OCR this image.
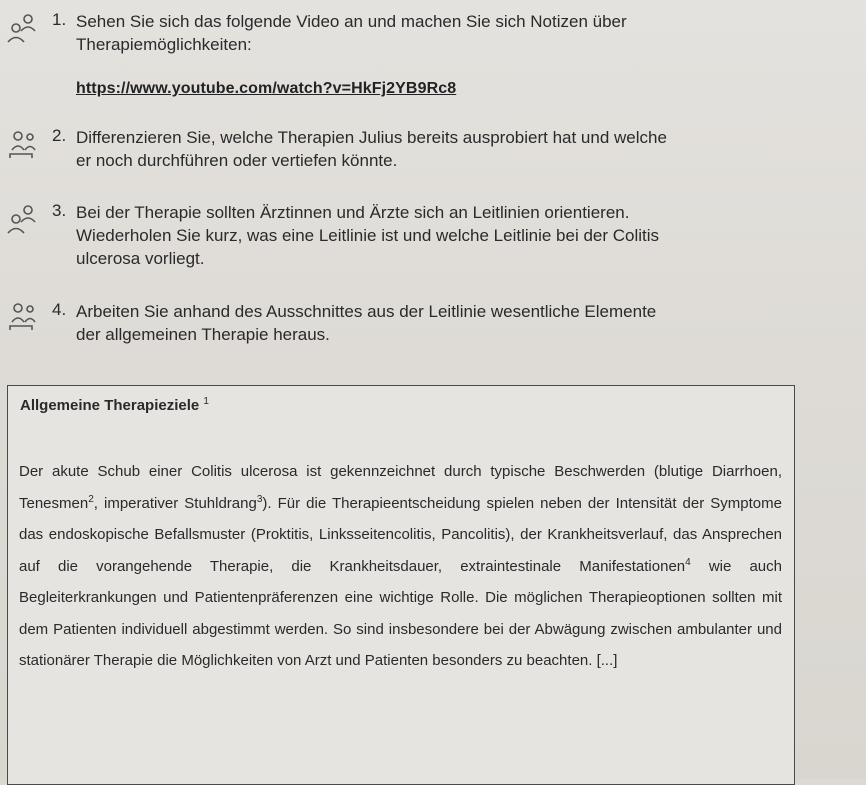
1. Sehen Sie sich das folgende Video an und machen Sie sich Notizen über
Therapiemöglichkeiten:
https://www.youtube.com/watch?v=HkFj2YB9Rc8
2. Differenzieren Sie, welche Therapien Julius bereits ausprobiert hat und welche
er noch durchführen oder vertiefen könnte.
3. Bei der Therapie sollten Ärztinnen und Ärzte sich an Leitlinien orientieren.
Wiederholen Sie kurz, was eine Leitlinie ist und welche Leitlinie bei der Colitis
ulcerosa vorliegt.
4. Arbeiten Sie anhand des Ausschnittes aus der Leitlinie wesentliche Elemente
der allgemeinen Therapie heraus.
Allgemeine Therapieziele $^1$
Der akute Schub einer Colitis ulcerosa ist gekennzeichnet durch typische Beschwerden (blutige Diarrhoen, Tenesmen$^2$, imperativer Stuhldrang$^3$). Für die Therapieentscheidung spielen neben der Intensität der Symptome das endoskopische Befallsmuster (Proktitis, Linksseitencolitis, Pancolitis), der Krankheitsverlauf, das Ansprechen auf die vorangehende Therapie, die Krankheitsdauer, extraintestinale Manifestationen$^4$ wie auch Begleiterkrankungen und Patientenpräferenzen eine wichtige Rolle. Die möglichen Therapieoptionen sollten mit dem Patienten individuell abgestimmt werden. So sind insbesondere bei der Abwägung zwischen ambulanter und stationärer Therapie die Möglichkeiten von Arzt und Patienten besonders zu beachten. [...]
